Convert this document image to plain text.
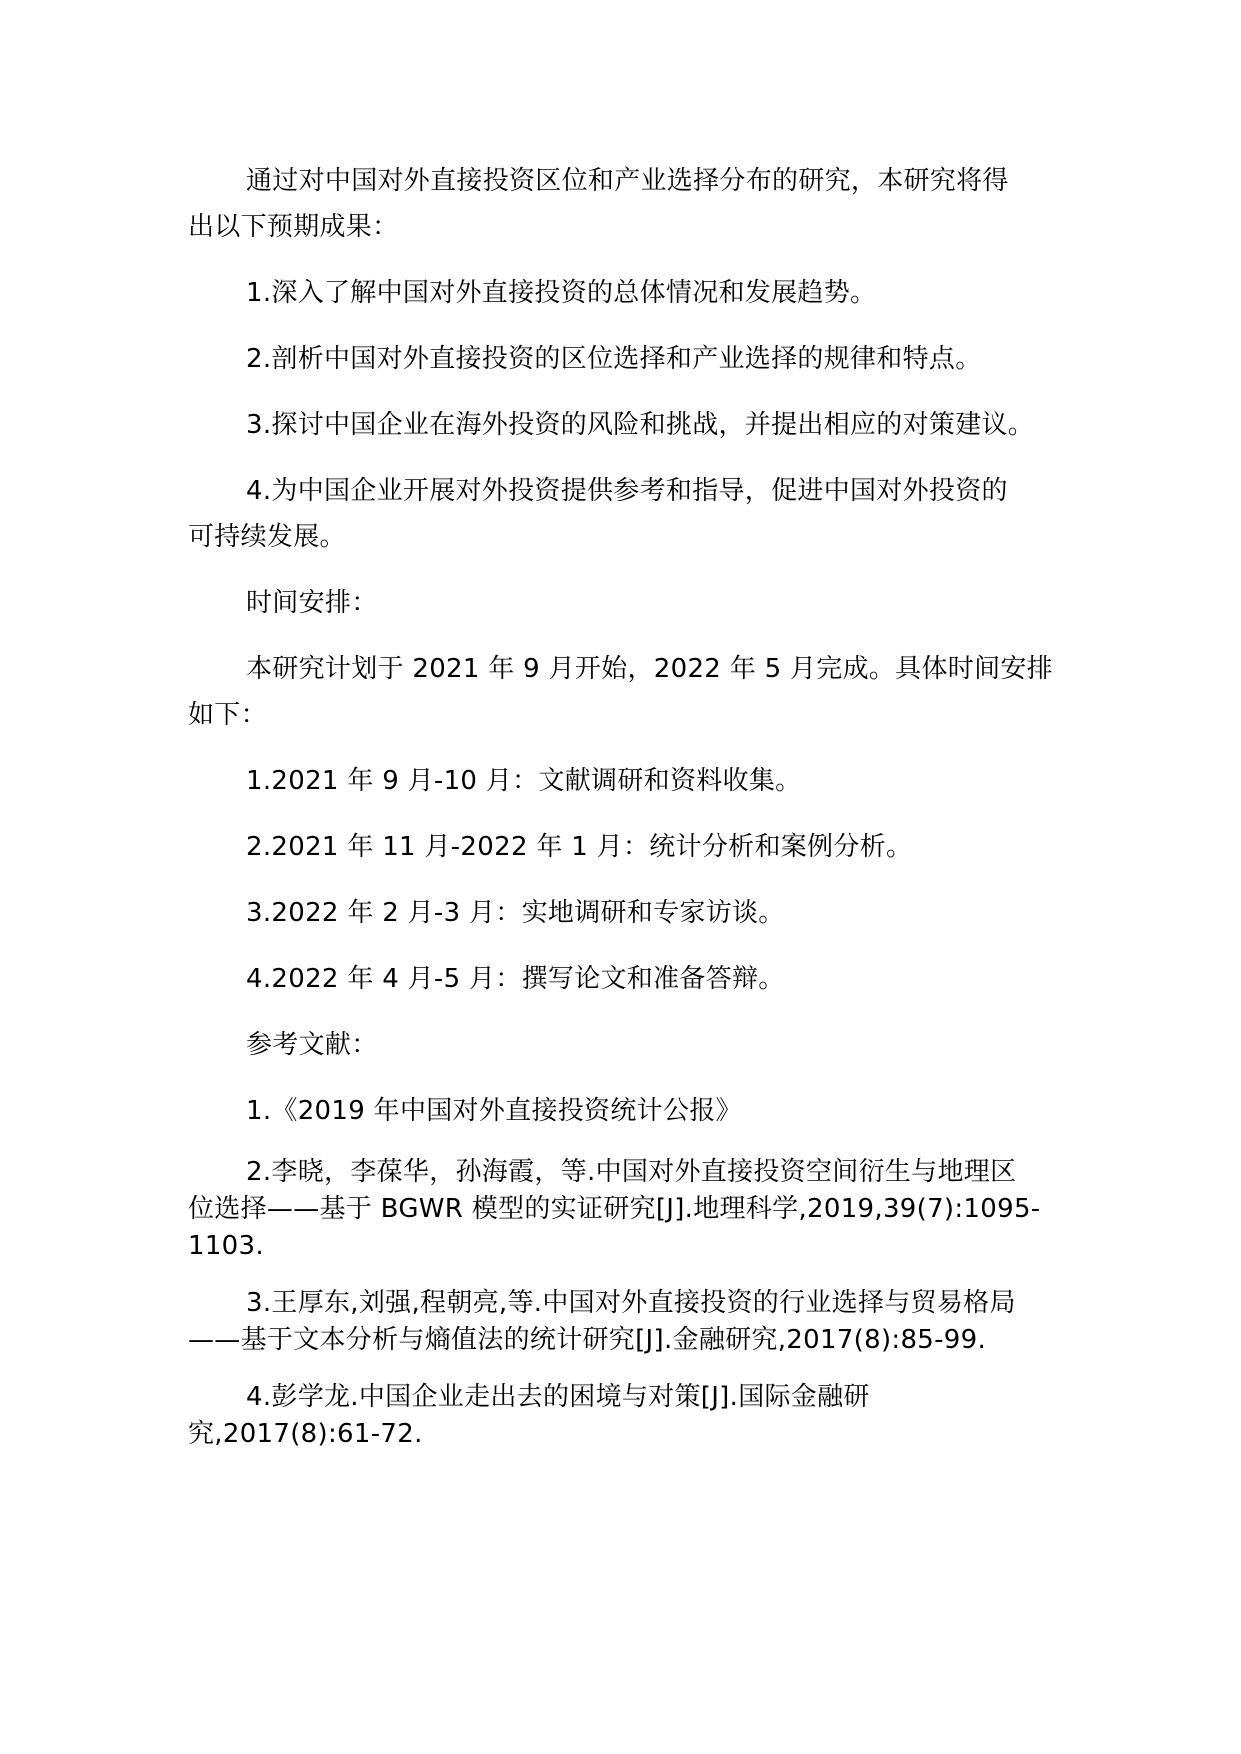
通过对中国对外直接投资区位和产业选择分布的研究，本研究将得
出以下预期成果：

1.深入了解中国对外直接投资的总体情况和发展趋势。

2.剖析中国对外直接投资的区位选择和产业选择的规律和特点。

3.探讨中国企业在海外投资的风险和挑战，并提出相应的对策建议。

4.为中国企业开展对外投资提供参考和指导，促进中国对外投资的
可持续发展。

时间安排：

本研究计划于 2021 年 9 月开始，2022 年 5 月完成。具体时间安排
如下：

1.2021 年 9 月-10 月：文献调研和资料收集。

2.2021 年 11 月-2022 年 1 月：统计分析和案例分析。

3.2022 年 2 月-3 月：实地调研和专家访谈。

4.2022 年 4 月-5 月：撰写论文和准备答辩。

参考文献：

1.《2019 年中国对外直接投资统计公报》

2.李晓，李葆华，孙海霞，等.中国对外直接投资空间衍生与地理区
位选择——基于 BGWR 模型的实证研究[J].地理科学,2019,39(7):1095-
1103.

3.王厚东,刘强,程朝亮,等.中国对外直接投资的行业选择与贸易格局
——基于文本分析与熵值法的统计研究[J].金融研究,2017(8):85-99.

4.彭学龙.中国企业走出去的困境与对策[J].国际金融研
究,2017(8):61-72.
